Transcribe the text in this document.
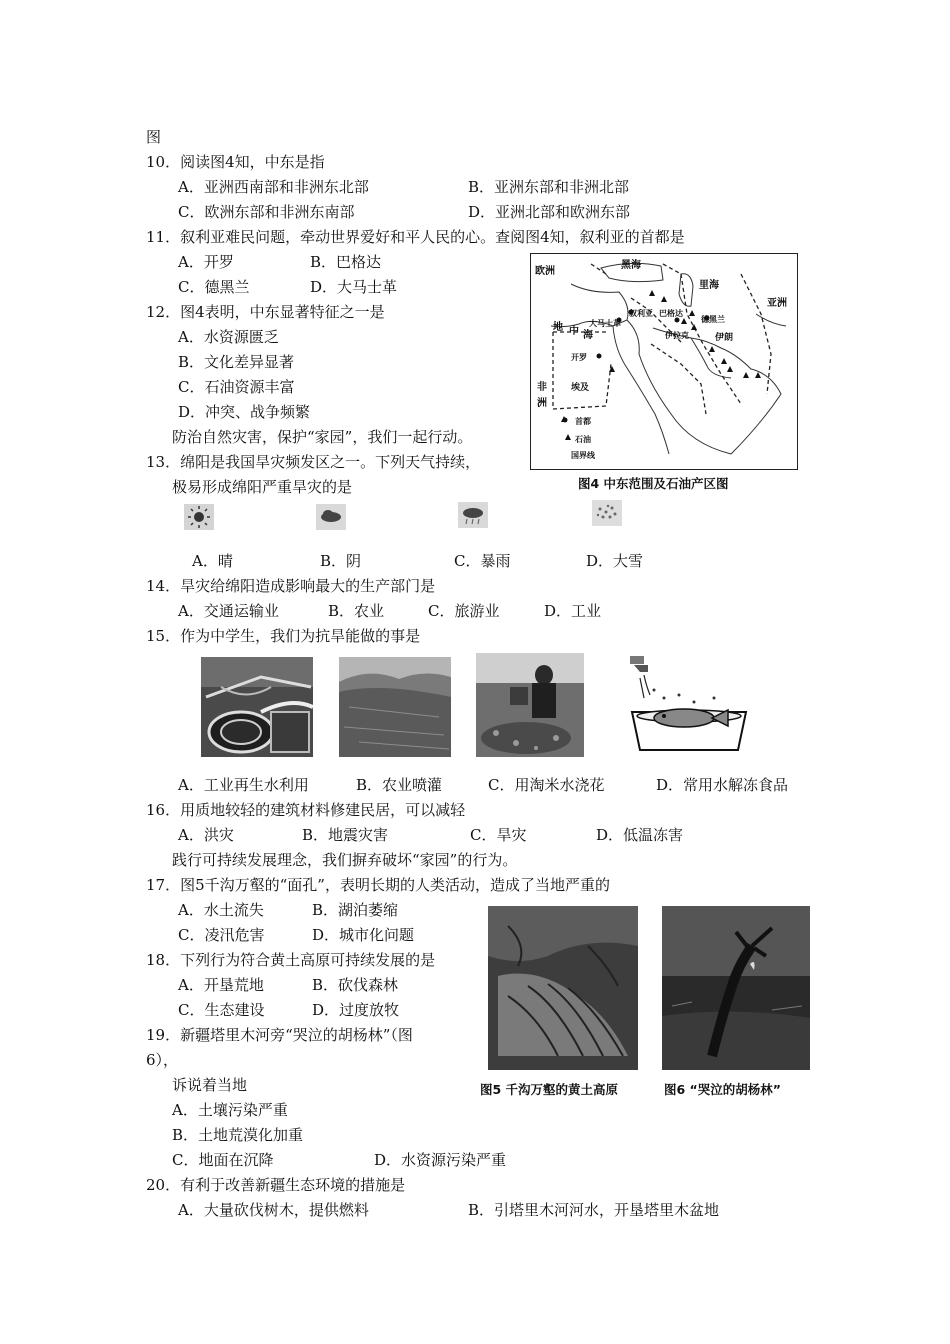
图
10．阅读图4知，中东是指
A．亚洲西南部和非洲东北部	B．亚洲东部和非洲北部
C．欧洲东部和非洲东南部	D．亚洲北部和欧洲东部
11．叙利亚难民问题，牵动世界爱好和平人民的心。查阅图4知，叙利亚的首都是
A．开罗	B．巴格达
C．德黑兰	D．大马士革
12．图4表明，中东显著特征之一是
A．水资源匮乏
B．文化差异显著
C．石油资源丰富
D．冲突、战争频繁
防治自然灾害，保护“家园”，我们一起行动。
13．绵阳是我国旱灾频发区之一。下列天气持续，
极易形成绵阳严重旱灾的是
A．晴	B．阴	C．暴雨	D．大雪
14．旱灾给绵阳造成影响最大的生产部门是
A．交通运输业	B．农业	C．旅游业	D．工业
15．作为中学生，我们为抗旱能做的事是
A．工业再生水利用	B．农业喷灌	C．用淘米水浇花	D．常用水解冻食品
16．用质地较轻的建筑材料修建民居，可以减轻
A．洪灾	B．地震灾害	C．旱灾	D．低温冻害
践行可持续发展理念，我们摒弃破坏“家园”的行为。
17．图5千沟万壑的“面孔”，表明长期的人类活动，造成了当地严重的
A．水土流失	B．湖泊萎缩
C．凌汛危害	D．城市化问题
18．下列行为符合黄土高原可持续发展的是
A．开垦荒地	B．砍伐森林
C．生态建设	D．过度放牧
19．新疆塔里木河旁“哭泣的胡杨林”（图
6），
诉说着当地
A．土壤污染严重
B．土地荒漠化加重
C．地面在沉降	D．水资源污染严重
20．有利于改善新疆生态环境的措施是
A．大量砍伐树木，提供燃料	B．引塔里木河河水，开垦塔里木盆地
欧洲
黑海
里海
亚洲
叙利亚
大马士革
巴格达
德黑兰
伊拉克	伊朗
地 中 海
开罗
埃及
非
洲
首都
石油
国界线
图4 中东范围及石油产区图
图5 千沟万壑的黄土高原	图6 “哭泣的胡杨林”
